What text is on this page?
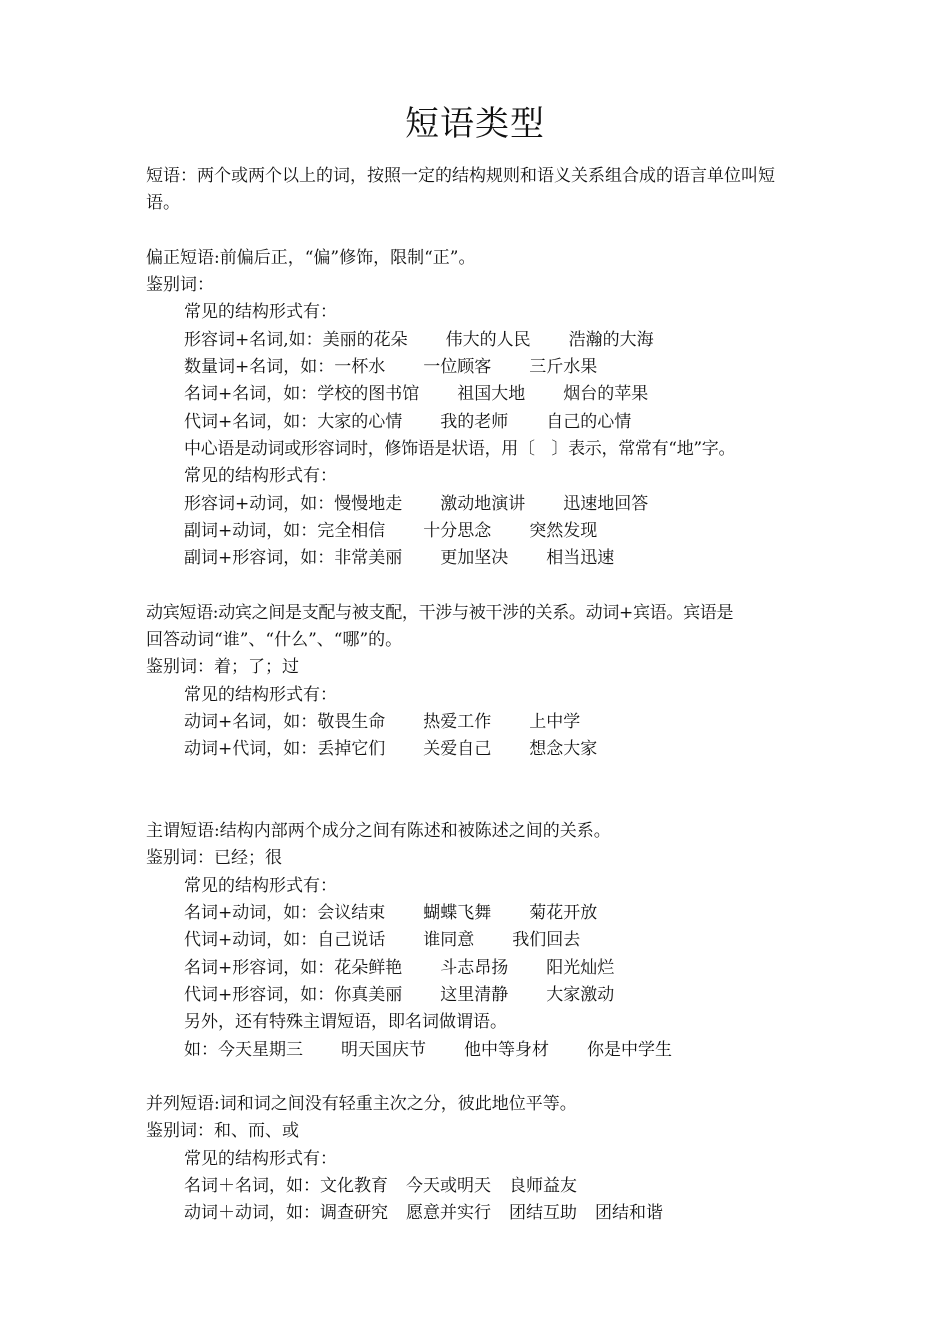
短语类型
短语：两个或两个以上的词，按照一定的结构规则和语义关系组合成的语言单位叫短语。
偏正短语:前偏后正，“偏”修饰，限制“正”。
鉴别词：
常见的结构形式有：
形容词+名词,如：美丽的花朵 伟大的人民 浩瀚的大海
数量词+名词，如：一杯水 一位顾客 三斤水果
名词+名词，如：学校的图书馆 祖国大地 烟台的苹果
代词+名词，如：大家的心情 我的老师 自己的心情
中心语是动词或形容词时，修饰语是状语，用〔　〕表示，常常有“地”字。
常见的结构形式有：
形容词+动词，如：慢慢地走 激动地演讲 迅速地回答
副词+动词，如：完全相信 十分思念 突然发现
副词+形容词，如：非常美丽 更加坚决 相当迅速
动宾短语:动宾之间是支配与被支配，干涉与被干涉的关系。动词+宾语。宾语是
回答动词“谁”、“什么”、“哪”的。
鉴别词：着；了；过
常见的结构形式有：
动词+名词，如：敬畏生命 热爱工作 上中学
动词+代词，如：丢掉它们 关爱自己 想念大家
主谓短语:结构内部两个成分之间有陈述和被陈述之间的关系。
鉴别词：已经；很
常见的结构形式有：
名词+动词，如：会议结束 蝴蝶飞舞 菊花开放
代词+动词，如：自己说话 谁同意 我们回去
名词+形容词，如：花朵鲜艳 斗志昂扬 阳光灿烂
代词+形容词，如：你真美丽 这里清静 大家激动
另外，还有特殊主谓短语，即名词做谓语。
如：今天星期三 明天国庆节 他中等身材 你是中学生
并列短语:词和词之间没有轻重主次之分，彼此地位平等。
鉴别词：和、而、或
常见的结构形式有：
名词＋名词，如：文化教育 今天或明天 良师益友
动词＋动词，如：调查研究 愿意并实行 团结互助 团结和谐
